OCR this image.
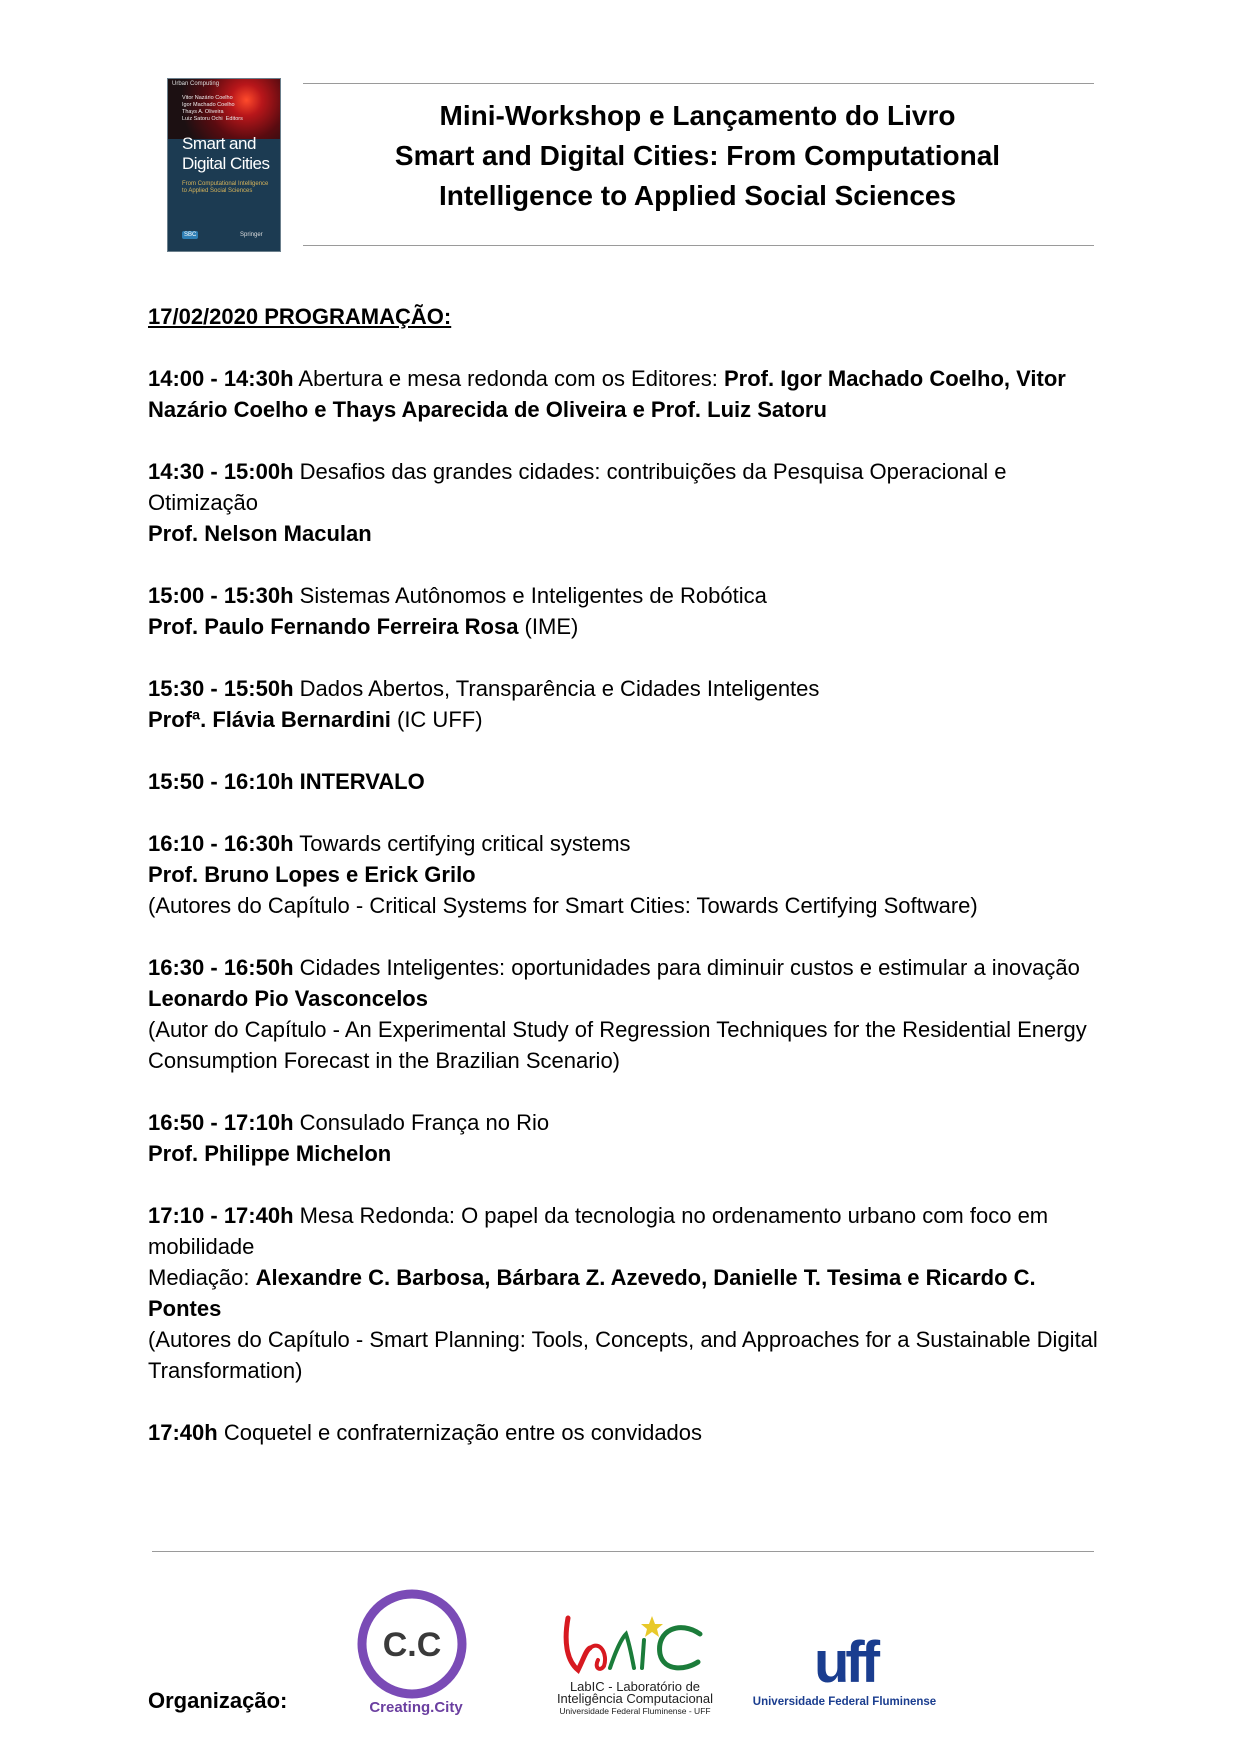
Urban Computing
Vitor Nazário Coelho
Igor Machado Coelho
Thays A. Oliveira
Luiz Satoru Ochi  Editors
Smart and
Digital Cities
From Computational Intelligence to Applied Social Sciences
SBC	Springer
Mini-Workshop e Lançamento do Livro
Smart and Digital Cities: From Computational
Intelligence to Applied Social Sciences
17/02/2020 PROGRAMAÇÃO:
14:00 - 14:30h Abertura e mesa redonda com os Editores: Prof. Igor Machado Coelho, Vitor Nazário Coelho e Thays Aparecida de Oliveira e Prof. Luiz Satoru
14:30 - 15:00h Desafios das grandes cidades: contribuições da Pesquisa Operacional e Otimização
Prof. Nelson Maculan
15:00 - 15:30h Sistemas Autônomos e Inteligentes de Robótica
Prof. Paulo Fernando Ferreira Rosa (IME)
15:30 - 15:50h Dados Abertos, Transparência e Cidades Inteligentes
Profª. Flávia Bernardini (IC UFF)
15:50 - 16:10h INTERVALO
16:10 - 16:30h Towards certifying critical systems
Prof. Bruno Lopes e Erick Grilo
(Autores do Capítulo - Critical Systems for Smart Cities: Towards Certifying Software)
16:30 - 16:50h Cidades Inteligentes: oportunidades para diminuir custos e estimular a inovação
Leonardo Pio Vasconcelos
(Autor do Capítulo - An Experimental Study of Regression Techniques for the Residential Energy Consumption Forecast in the Brazilian Scenario)
16:50 - 17:10h Consulado França no Rio
Prof. Philippe Michelon
17:10 - 17:40h Mesa Redonda: O papel da tecnologia no ordenamento urbano com foco em mobilidade
Mediação: Alexandre C. Barbosa, Bárbara Z. Azevedo, Danielle T. Tesima e Ricardo C. Pontes
(Autores do Capítulo - Smart Planning: Tools, Concepts, and Approaches for a Sustainable Digital Transformation)
17:40h Coquetel e confraternização entre os convidados
Organização:
C.C
Creating.City
LabIC - Laboratório de
Inteligência Computacional
Universidade Federal Fluminense - UFF
uff
Universidade Federal Fluminense
